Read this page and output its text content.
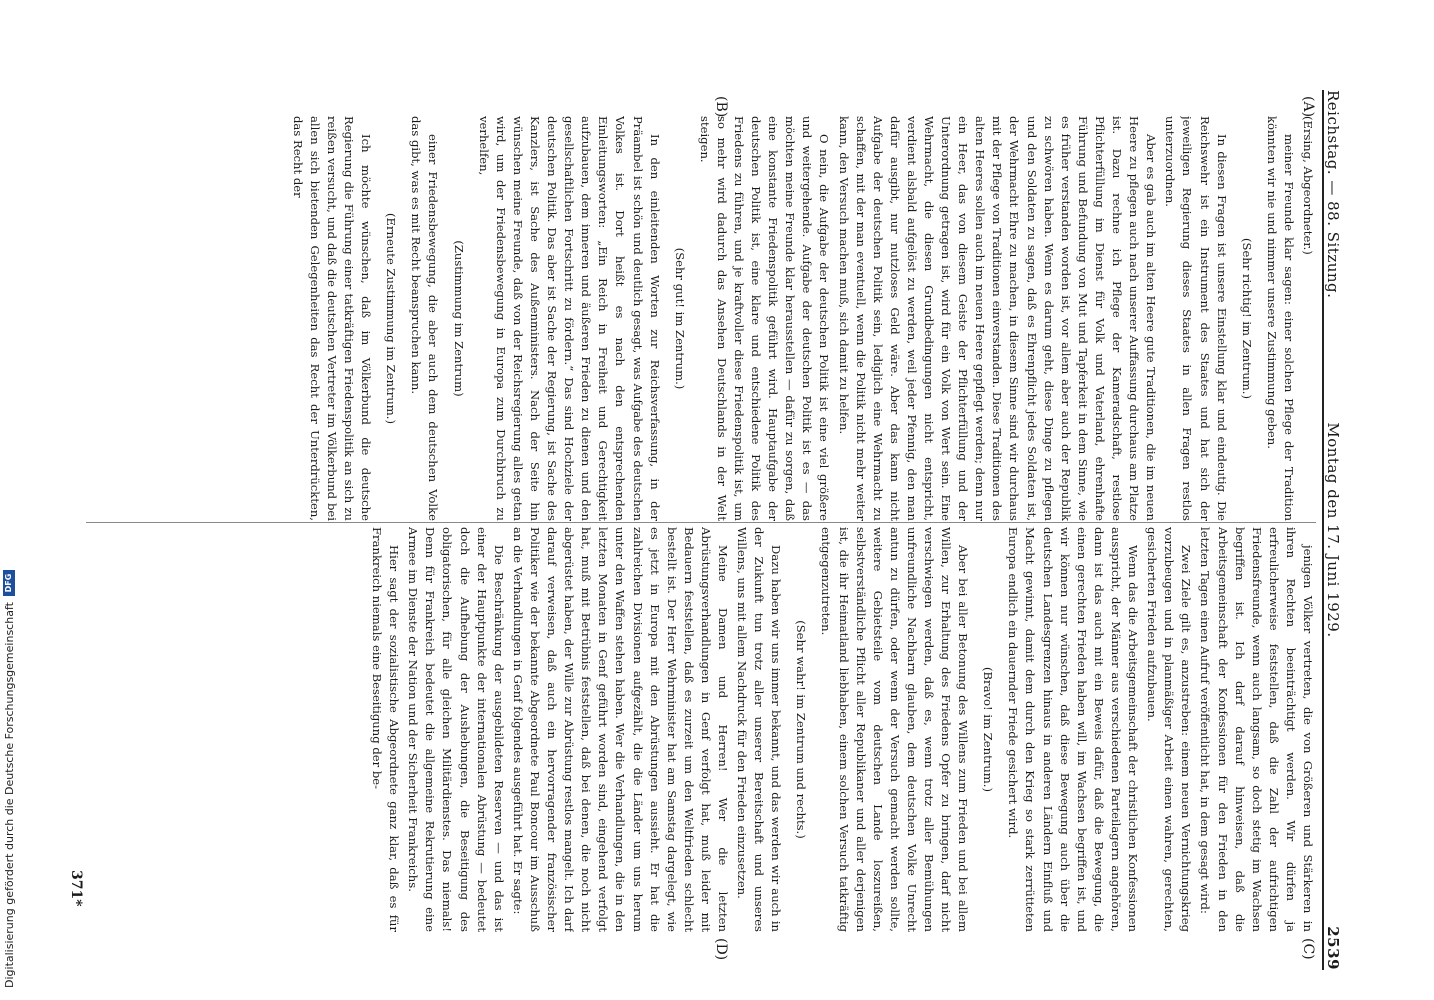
Reichstag. — 88. Sitzung.
Montag den 17. Juni 1929.
2539
(A)
(B)
(C)
(D)

(Ersing, Abgeordneter.)

meiner Freunde klar sagen: einer solchen Pflege der Tradition könnten wir nie und nimmer unsere Zustimmung geben.

(Sehr richtig! im Zentrum.)

In diesen Fragen ist unsere Einstellung klar und eindeutig. Die Reichswehr ist ein Instrument des Staates und hat sich der jeweiligen Regierung dieses Staates in allen Fragen restlos unterzuordnen.

Aber es gab auch im alten Heere gute Traditionen, die im neuen Heere zu pflegen auch nach unserer Auffassung durchaus am Platze ist. Dazu rechne ich Pflege der Kameradschaft, restlose Pflichterfüllung im Dienst für Volk und Vaterland, ehrenhafte Führung und Befundung von Mut und Tapferkeit in dem Sinne, wie es früher verstanden worden ist, vor allem aber auch der Republik zu schwören haben. Wenn es darum geht, diese Dinge zu pflegen und den Soldaten zu sagen, daß es Ehrenpflicht jedes Soldaten ist, der Wehrmacht Ehre zu machen, in diesem Sinne sind wir durchaus mit der Pflege von Traditionen einverstanden. Diese Traditionen des alten Heeres sollen auch im neuen Heere gepflegt werden; denn nur ein Heer, das von diesem Geiste der Pflichterfüllung und der Unterordnung getragen ist, wird für ein Volk von Wert sein. Eine Wehrmacht, die diesen Grundbedingungen nicht entspricht, verdient alsbald aufgelöst zu werden, weil jeder Pfennig, den man dafür ausgibt, nur nutzloses Geld wäre. Aber das kann nicht Aufgabe der deutschen Politik sein, lediglich eine Wehrmacht zu schaffen, mit der man eventuell, wenn die Politik nicht mehr weiter kann, den Versuch machen muß, sich damit zu helfen.

O nein, die Aufgabe der deutschen Politik ist eine viel größere und weitergehende. Aufgabe der deutschen Politik ist es — das möchten meine Freunde klar herausstellen — dafür zu sorgen, daß eine konstante Friedenspolitik geführt wird. Hauptaufgabe der deutschen Politik ist, eine klare und entschiedene Politik des Friedens zu führen, und je kraftvoller diese Friedenspolitik ist, um so mehr wird dadurch das Ansehen Deutschlands in der Welt steigen.

(Sehr gut! im Zentrum.)

In den einleitenden Worten zur Reichsverfassung, in der Präambel ist schön und deutlich gesagt, was Aufgabe des deutschen Volkes ist. Dort heißt es nach den entsprechenden Einleitungsworten: „Ein Reich in Freiheit und Gerechtigkeit aufzubauen, dem inneren und äußeren Frieden zu dienen und den gesellschaftlichen Fortschritt zu fördern.“ Das sind Hochziele der deutschen Politik. Das aber ist Sache der Regierung, ist Sache des Kanzlers, ist Sache des Außenministers. Nach der Seite hin wünschen meine Freunde, daß von der Reichsregierung alles getan wird, um der Friedensbewegung in Europa zum Durchbruch zu verhelfen,

(Zustimmung im Zentrum)

einer Friedensbewegung, die aber auch dem deutschen Volke das gibt, was es mit Recht beanspruchen kann.

(Erneute Zustimmung im Zentrum.)

Ich möchte wünschen, daß im Völkerbund die deutsche Regierung die Führung einer tatkräftigen Friedenspolitik an sich zu reißen versucht, und daß die deutschen Vertreter im Völkerbund bei allen sich bietenden Gelegenheiten das Recht der Unterdrückten, das Recht der

jenigen Völker vertreten, die von Größeren und Stärkeren in ihren Rechten beeinträchtigt werden. Wir dürfen ja erfreulicherweise feststellen, daß die Zahl der aufrichtigen Friedensfreunde, wenn auch langsam, so doch stetig im Wachsen begriffen ist. Ich darf darauf hinweisen, daß die Arbeitsgemeinschaft der Konfessionen für den Frieden in den letzten Tagen einen Aufruf veröffentlicht hat, in dem gesagt wird:

Zwei Ziele gilt es, anzustreben: einem neuen Vernichtungskrieg vorzubeugen und in planmäßiger Arbeit einen wahren, gerechten, gesicherten Frieden aufzubauen.

Wenn das die Arbeitsgemeinschaft der christlichen Konfessionen ausspricht, der Männer aus verschiedenen Parteilagern angehören, dann ist das auch mit ein Beweis dafür, daß die Bewegung, die einen gerechten Frieden haben will, im Wachsen begriffen ist, und wir können nur wünschen, daß diese Bewegung auch über die deutschen Landesgrenzen hinaus in anderen Ländern Einfluß und Macht gewinnt, damit dem durch den Krieg so stark zerrütteten Europa endlich ein dauernder Friede gesichert wird.

(Bravo! im Zentrum.)

Aber bei aller Betonung des Willens zum Frieden und bei allem Willen, zur Erhaltung des Friedens Opfer zu bringen, darf nicht verschwiegen werden, daß es, wenn trotz aller Bemühungen unfreundliche Nachbarn glauben, dem deutschen Volke Unrecht antun zu dürfen, oder wenn der Versuch gemacht werden sollte, weitere Gebietsteile vom deutschen Lande loszureißen, selbstverständliche Pflicht aller Republikaner und aller derjenigen ist, die ihr Heimatland liebhaben, einem solchen Versuch tatkräftig entgegenzutreten.

(Sehr wahr! im Zentrum und rechts.)

Dazu haben wir uns immer bekannt, und das werden wir auch in der Zukunft tun trotz aller unserer Bereitschaft und unseres Willens, uns mit allem Nachdruck für den Frieden einzusetzen.

Meine Damen und Herren! Wer die letzten Abrüstungsverhandlungen in Genf verfolgt hat, muß leider mit Bedauern feststellen, daß es zurzeit um den Weltfrieden schlecht bestellt ist. Der Herr Wehrminister hat am Samstag dargelegt, wie es jetzt in Europa mit den Abrüstungen aussieht. Er hat die zahlreichen Divisionen aufgezählt, die die Länder um uns herum unter den Waffen stehen haben. Wer die Verhandlungen, die in den letzten Monaten in Genf geführt worden sind, eingehend verfolgt hat, muß mit Betrübnis feststellen, daß bei denen, die noch nicht abgerüstet haben, der Wille zur Abrüstung restlos mangelt. Ich darf darauf verweisen, daß auch ein hervorragender französischer Politiker wie der bekannte Abgeordnete Paul Boncour im Ausschuß an die Verhandlungen in Genf folgendes ausgeführt hat. Er sagte:

Die Beschränkung der ausgebildeten Reserven — und das ist einer der Hauptpunkte der internationalen Abrüstung — bedeutet doch die Aufhebung der Aushebungen, die Beseitigung des obligatorischen, für alle gleichen Militärdienstes. Das niemals! Denn für Frankreich bedeutet die allgemeine Rekrutierung eine Armee im Dienste der Nation und der Sicherheit Frankreichs.

Hier sagt der sozialistische Abgeordnete ganz klar, daß es für Frankreich niemals eine Beseitigung der be-

371*
Digitalisierung gefördert durch die Deutsche Forschungsgemeinschaft
DFG
